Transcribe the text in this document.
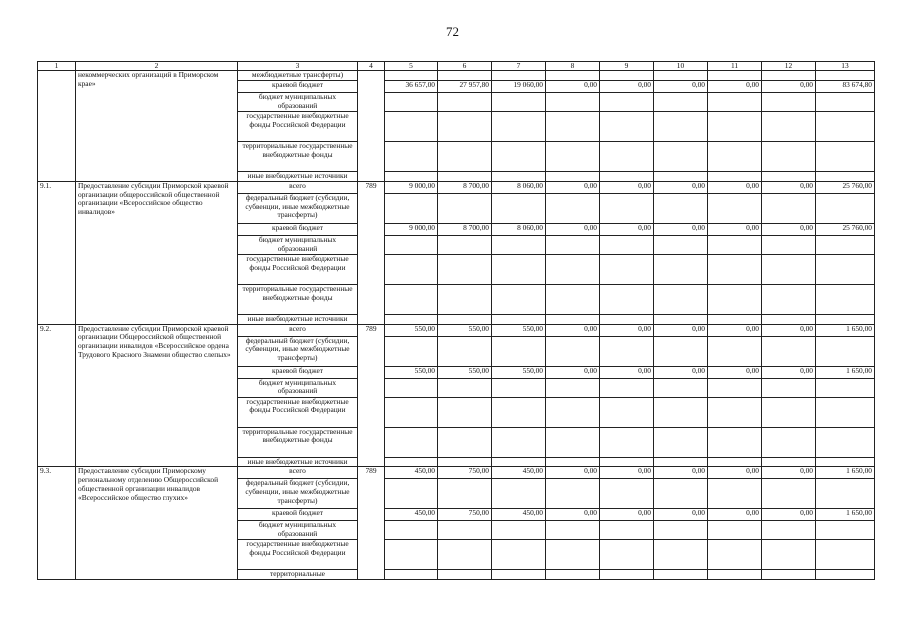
72
1	2	3	4	5	6	7	8	9	10	11	12	13
	некоммерческих организаций в Приморском крае»	межбюджетные трансферты)										
		краевой бюджет		36 657,00	27 957,80	19 060,00	0,00	0,00	0,00	0,00	0,00	83 674,80
		бюджет муниципальных образований										
		государственные внебюджетные фонды Российской Федерации										
		территориальные государственные внебюджетные фонды										
		иные внебюджетные источники										
9.1.	Предоставление субсидии Приморской краевой организации общероссийской общественной организации «Всероссийское общество инвалидов»	всего	789	9 000,00	8 700,00	8 060,00	0,00	0,00	0,00	0,00	0,00	25 760,00
		федеральный бюджет (субсидии, субвенции, иные межбюджетные трансферты)										
		краевой бюджет		9 000,00	8 700,00	8 060,00	0,00	0,00	0,00	0,00	0,00	25 760,00
		бюджет муниципальных образований										
		государственные внебюджетные фонды Российской Федерации										
		территориальные государственные внебюджетные фонды										
		иные внебюджетные источники										
9.2.	Предоставление субсидии Приморской краевой организации Общероссийской общественной организации инвалидов «Всероссийское ордена Трудового Красного Знамени общество слепых»	всего	789	550,00	550,00	550,00	0,00	0,00	0,00	0,00	0,00	1 650,00
		федеральный бюджет (субсидии, субвенции, иные межбюджетные трансферты)										
		краевой бюджет		550,00	550,00	550,00	0,00	0,00	0,00	0,00	0,00	1 650,00
		бюджет муниципальных образований										
		государственные внебюджетные фонды Российской Федерации										
		территориальные государственные внебюджетные фонды										
		иные внебюджетные источники										
9.3.	Предоставление субсидии Приморскому региональному отделению Общероссийской общественной организации инвалидов «Всероссийское общество глухих»	всего	789	450,00	750,00	450,00	0,00	0,00	0,00	0,00	0,00	1 650,00
		федеральный бюджет (субсидии, субвенции, иные межбюджетные трансферты)										
		краевой бюджет		450,00	750,00	450,00	0,00	0,00	0,00	0,00	0,00	1 650,00
		бюджет муниципальных образований										
		государственные внебюджетные фонды Российской Федерации										
		территориальные										
